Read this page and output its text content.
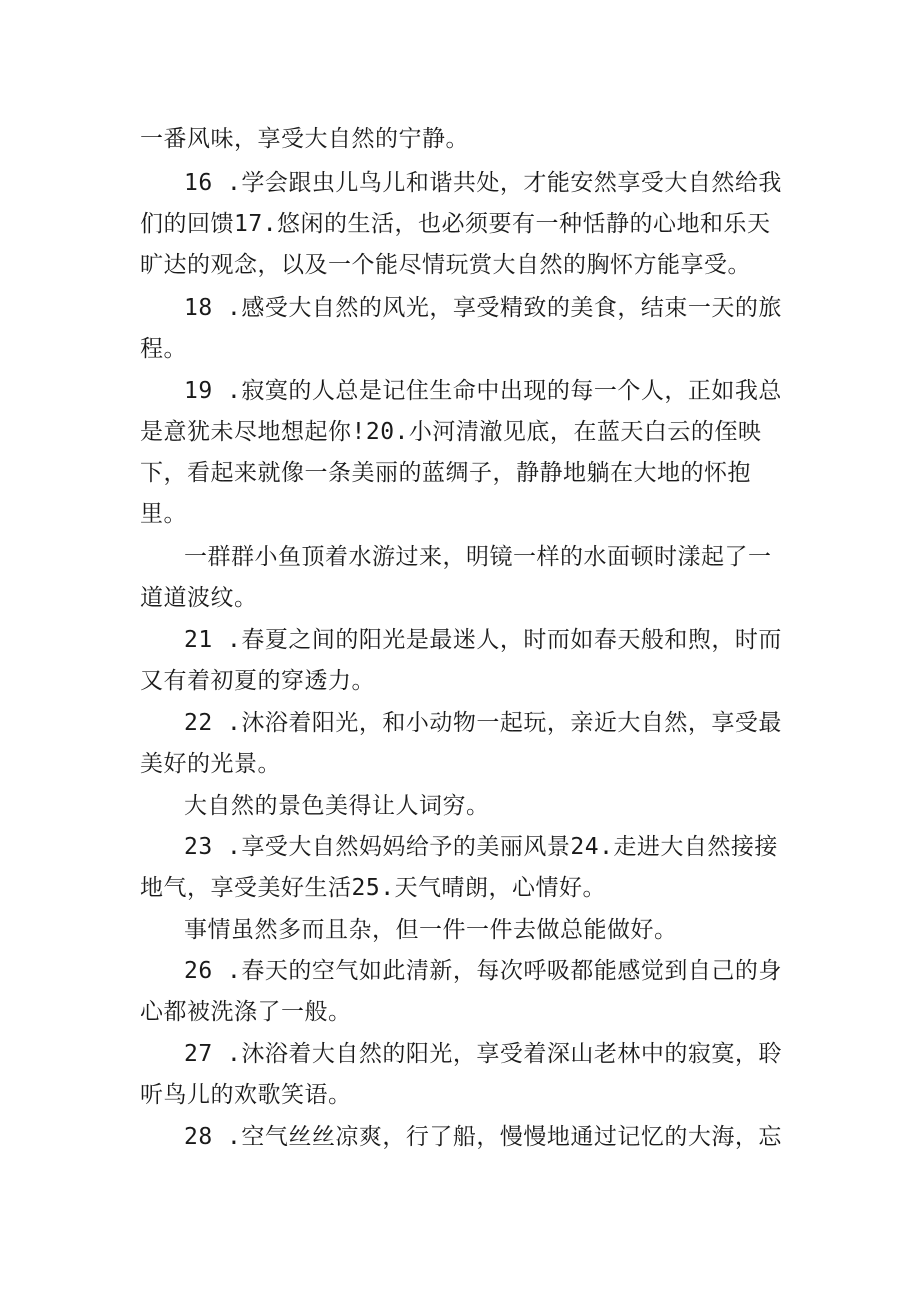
一番风味，享受大自然的宁静。
16 .学会跟虫儿鸟儿和谐共处，才能安然享受大自然给我
们的回馈17.悠闲的生活，也必须要有一种恬静的心地和乐天
旷达的观念，以及一个能尽情玩赏大自然的胸怀方能享受。
18 .感受大自然的风光，享受精致的美食，结束一天的旅
程。
19 .寂寞的人总是记住生命中出现的每一个人，正如我总
是意犹未尽地想起你!20.小河清澈见底，在蓝天白云的侄映
下，看起来就像一条美丽的蓝绸子，静静地躺在大地的怀抱
里。
一群群小鱼顶着水游过来，明镜一样的水面顿时漾起了一
道道波纹。
21 .春夏之间的阳光是最迷人，时而如春天般和煦，时而
又有着初夏的穿透力。
22 .沐浴着阳光，和小动物一起玩，亲近大自然，享受最
美好的光景。
大自然的景色美得让人词穷。
23 .享受大自然妈妈给予的美丽风景24.走进大自然接接
地气，享受美好生活25.天气晴朗，心情好。
事情虽然多而且杂，但一件一件去做总能做好。
26 .春天的空气如此清新，每次呼吸都能感觉到自己的身
心都被洗涤了一般。
27 .沐浴着大自然的阳光，享受着深山老林中的寂寞，聆
听鸟儿的欢歌笑语。
28 .空气丝丝凉爽，行了船，慢慢地通过记忆的大海，忘
